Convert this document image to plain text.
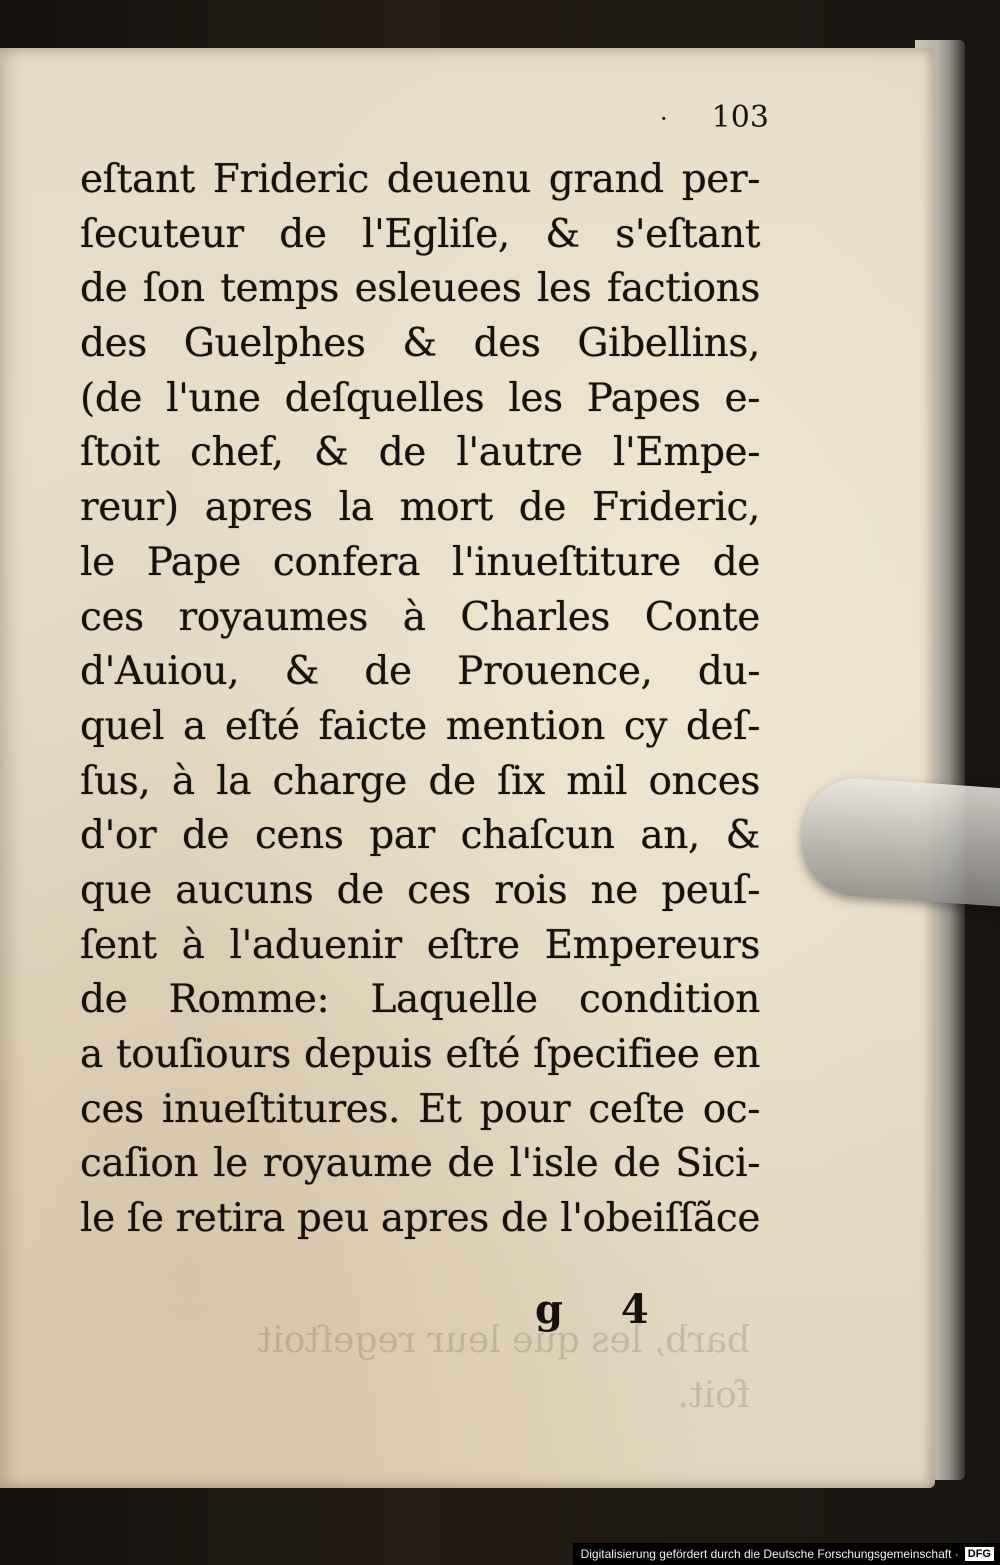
· 103
eſtant Frideric deuenu grand per-
ſecuteur de l'Egliſe, & s'eſtant
de ſon temps esleuees les factions
des Guelphes & des Gibellins,
(de l'une deſquelles les Papes e-
ſtoit chef, & de l'autre l'Empe-
reur) apres la mort de Frideric,
le Pape confera l'inueſtiture de
ces royaumes à Charles Conte
d'Auiou, & de Prouence, du-
quel a eſté faicte mention cy deſ-
ſus, à la charge de ſix mil onces
d'or de cens par chaſcun an, &
que aucuns de ces rois ne peuſ-
ſent à l'aduenir eſtre Empereurs
de Romme: Laquelle condition
a touſiours depuis eſté ſpecifiee en
ces inueſtitures. Et pour ceſte oc-
caſion le royaume de l'isle de Sici-
le ſe retira peu apres de l'obeiſſãce
g 4
barb, les que leur regeſtoit
foit.
Digitalisierung gefördert durch die Deutsche Forschungsgemeinschaft · DFG
